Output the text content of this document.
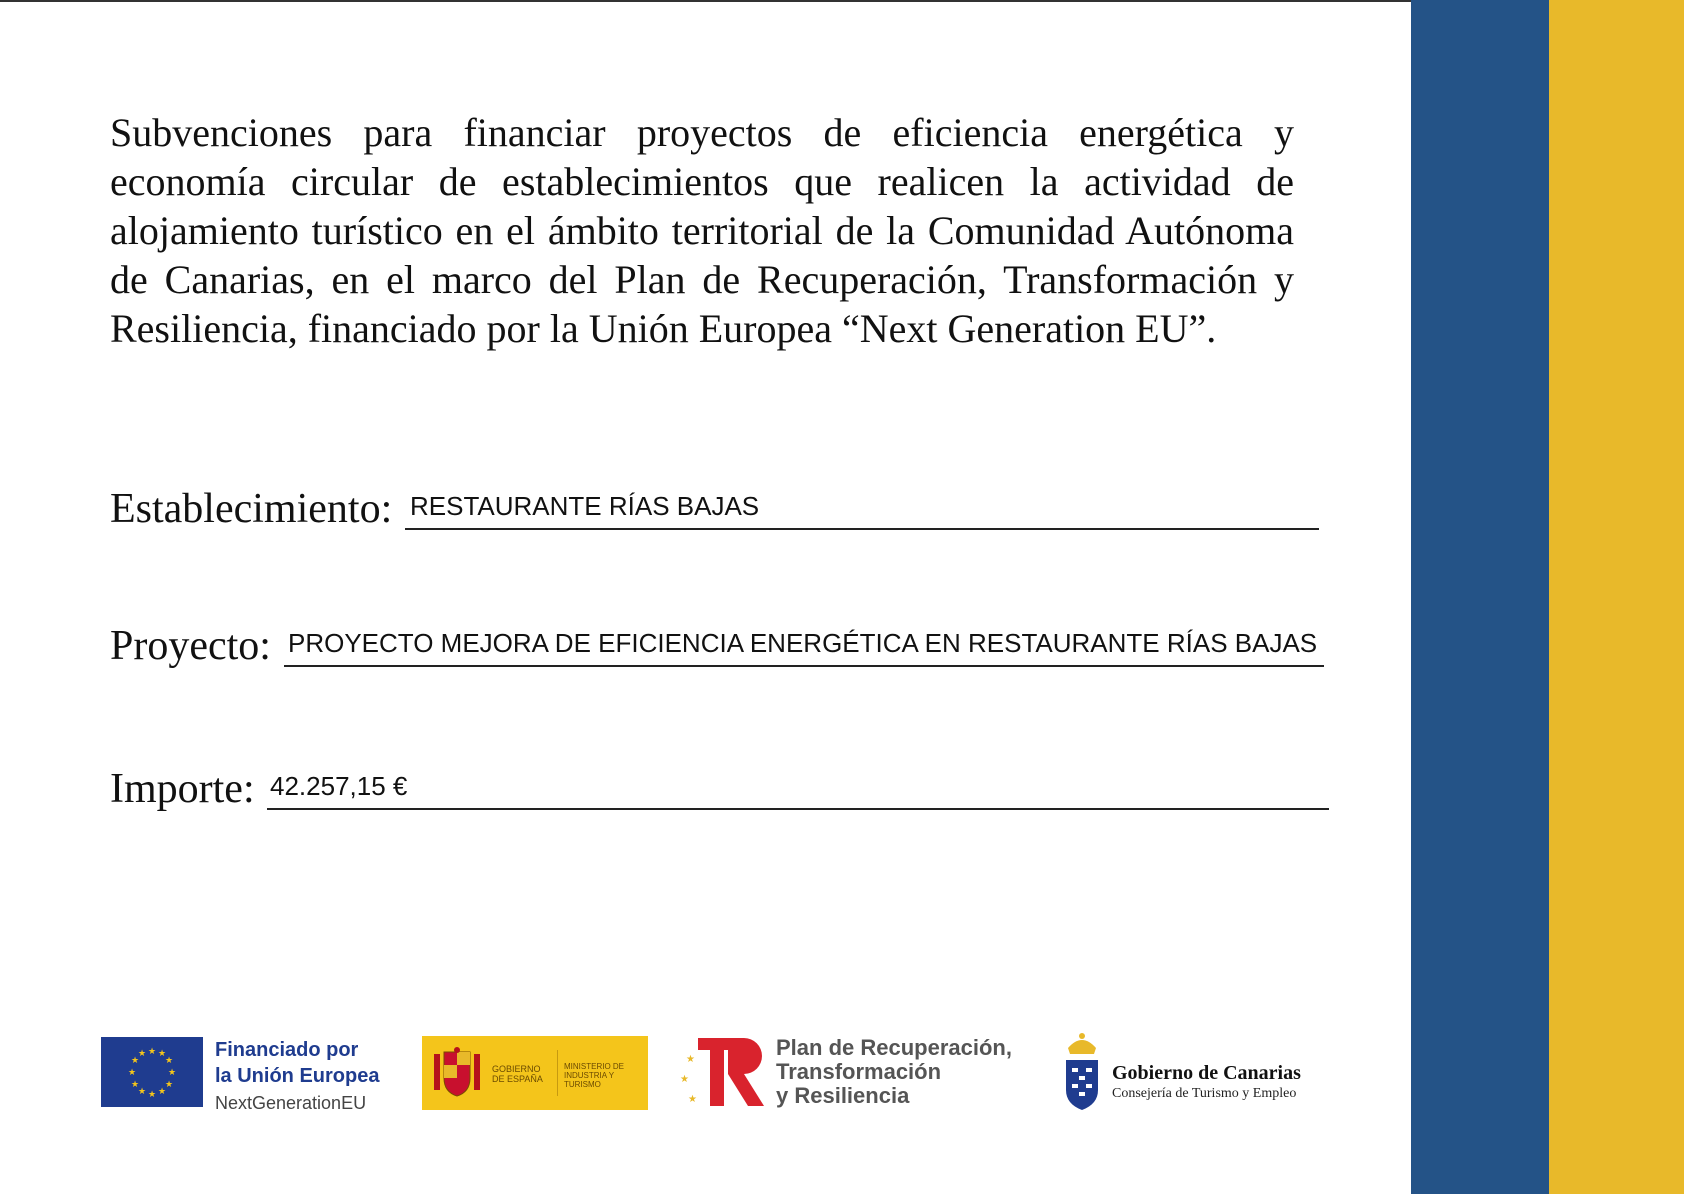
Subvenciones para financiar proyectos de eficiencia energética y economía circular de establecimientos que realicen la actividad de alojamiento turístico en el ámbito territorial de la Comunidad Autónoma de Canarias, en el marco del Plan de Recuperación, Transformación y Resiliencia, financiado por la Unión Europea “Next Generation EU”.

Establecimiento: RESTAURANTE RÍAS BAJAS
Proyecto: PROYECTO MEJORA DE EFICIENCIA ENERGÉTICA EN RESTAURANTE RÍAS BAJAS
Importe: 42.257,15 €
★ ★
★
★
★
★
★
★
★
★
★
★	Financiado por
la Unión Europea
NextGenerationEU
GOBIERNO DE ESPAÑA
MINISTERIO DE INDUSTRIA Y TURISMO
★
★
★
Plan de Recuperación,
Transformación
y Resiliencia
Gobierno de Canarias
Consejería de Turismo y Empleo
